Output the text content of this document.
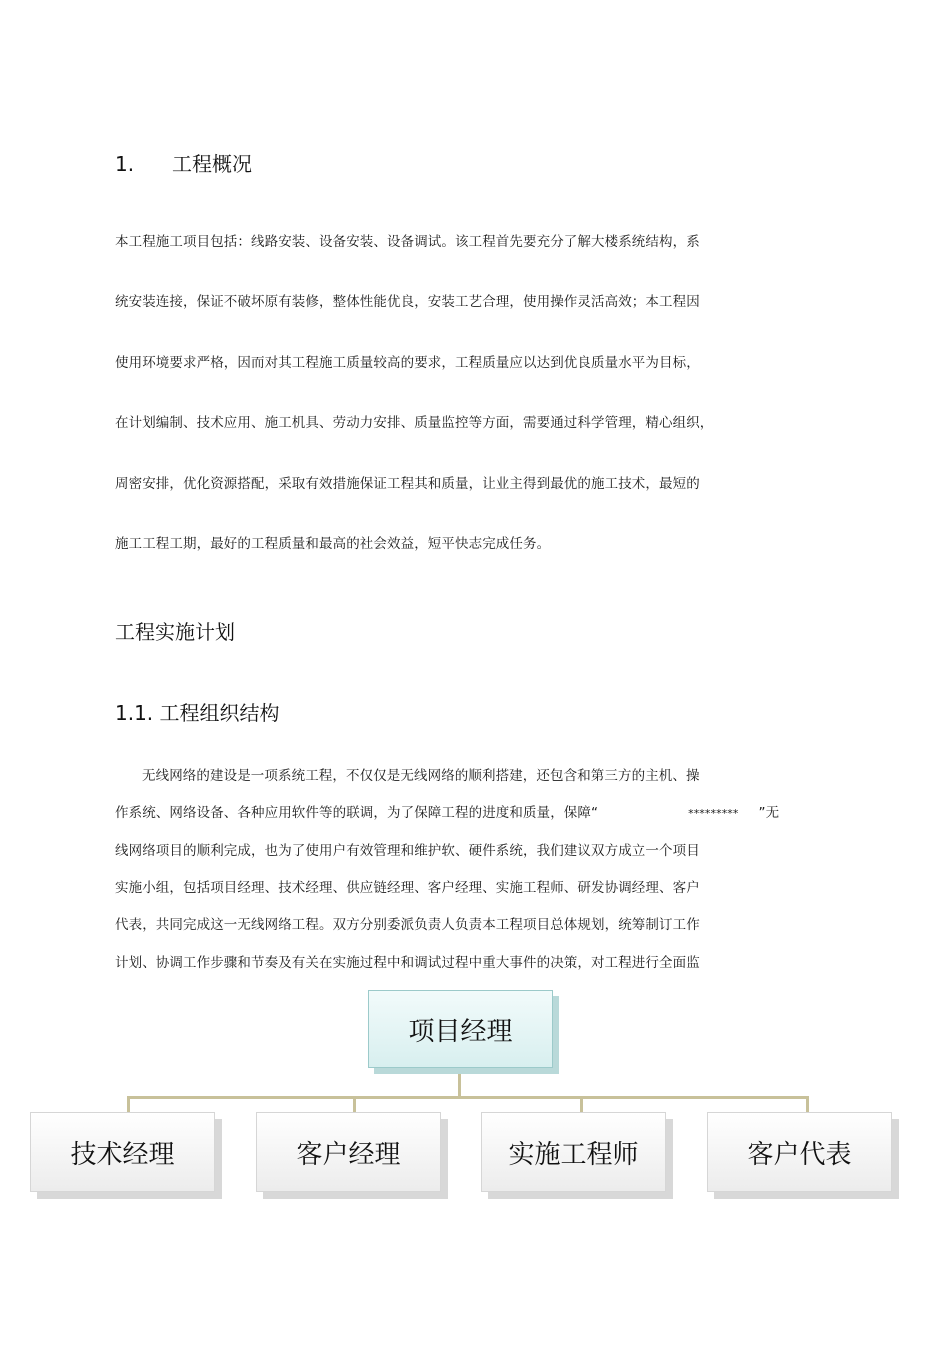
1. 工程概况
本工程施工项目包括：线路安装、设备安装、设备调试。该工程首先要充分了解大楼系统结构，系
统安装连接，保证不破坏原有装修，整体性能优良，安装工艺合理，使用操作灵活高效；本工程因
使用环境要求严格，因而对其工程施工质量较高的要求，工程质量应以达到优良质量水平为目标，
在计划编制、技术应用、施工机具、劳动力安排、质量监控等方面，需要通过科学管理，精心组织，
周密安排，优化资源搭配，采取有效措施保证工程其和质量，让业主得到最优的施工技术，最短的
施工工程工期，最好的工程质量和最高的社会效益，短平快志完成任务。
工程实施计划
1.1. 工程组织结构
无线网络的建设是一项系统工程，不仅仅是无线网络的顺利搭建，还包含和第三方的主机、操
作系统、网络设备、各种应用软件等的联调，为了保障工程的进度和质量，保障“	********* ”无
线网络项目的顺利完成，也为了使用户有效管理和维护软、硬件系统，我们建议双方成立一个项目
实施小组，包括项目经理、技术经理、供应链经理、客户经理、实施工程师、研发协调经理、客户
代表，共同完成这一无线网络工程。双方分别委派负责人负责本工程项目总体规划，统筹制订工作
计划、协调工作步骤和节奏及有关在实施过程中和调试过程中重大事件的决策，对工程进行全面监
项目经理
技术经理	客户经理	实施工程师	客户代表
